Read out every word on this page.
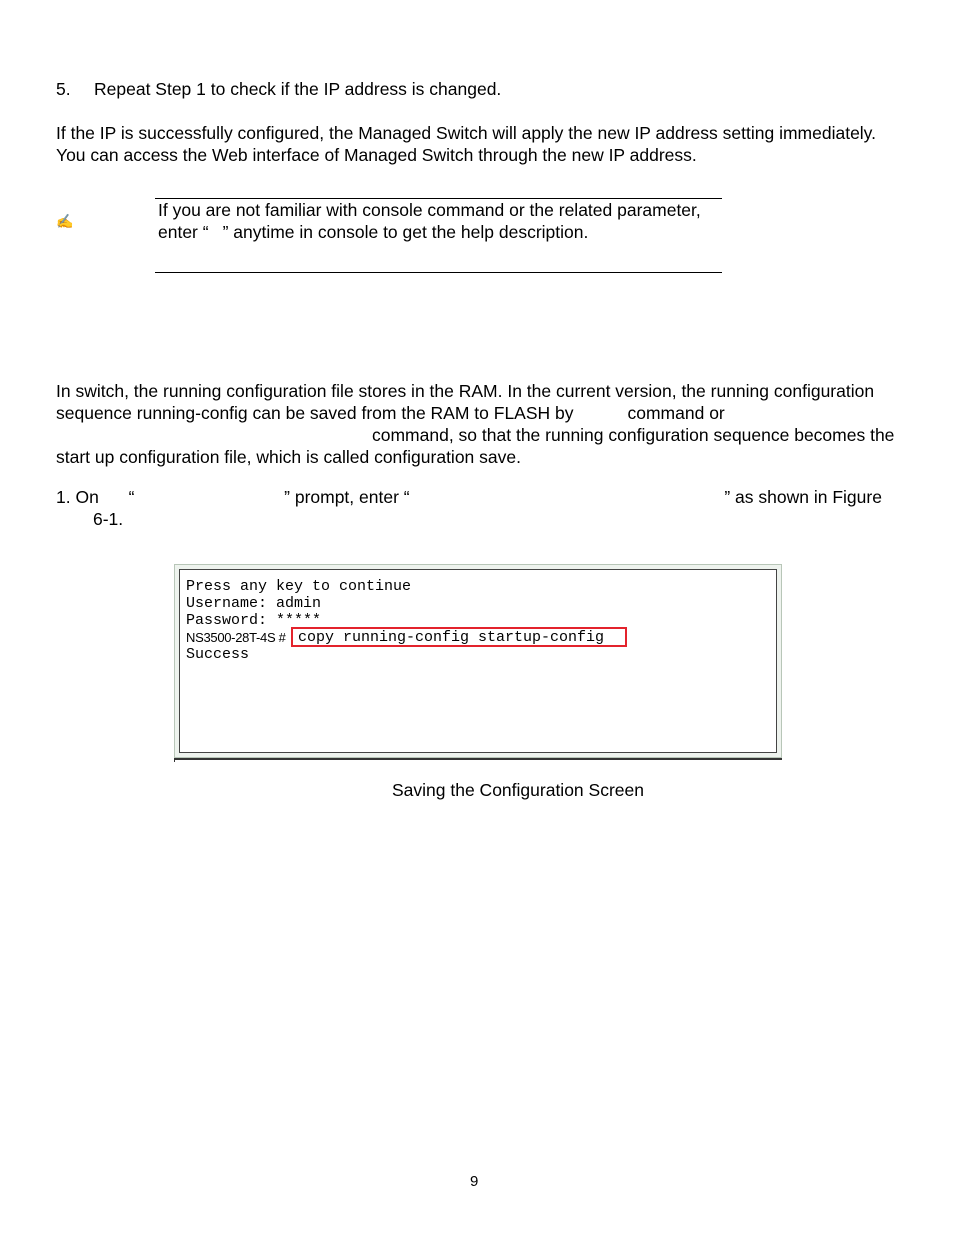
5. Repeat Step 1 to check if the IP address is changed.
If the IP is successfully configured, the Managed Switch will apply the new IP address setting immediately. You can access the Web interface of Managed Switch through the new IP address.
✍
If you are not familiar with console command or the related parameter, enter “ ” anytime in console to get the help description.
In switch, the running configuration file stores in the RAM. In the current version, the running configuration sequence running-config can be saved from the RAM to FLASH by	command or
command, so that the running configuration sequence becomes the start up configuration file, which is called configuration save.
1. On “	” prompt, enter “	” as shown in Figure
6-1.
Press any key to continue
Username: admin
Password: *****
NS3500-28T-4S # copy running-config startup-config
Success
Saving the Configuration Screen
9
